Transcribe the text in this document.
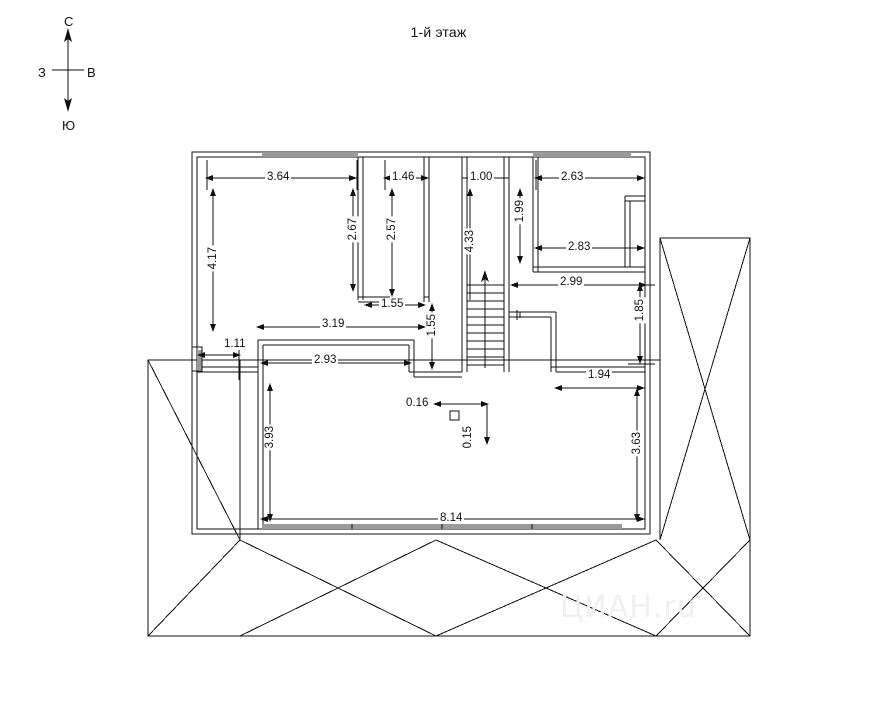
1-й этаж
С
З	В
Ю
3.64	1.46	1.00	2.63
2.67 2.57
4.33
1.99
2.83
4.17
2.99
1.55	1.85
3.19	1.55
1.11
2.93
1.94
0.16
0.15
3.93	3.63
8.14
ЦИАН.ru
